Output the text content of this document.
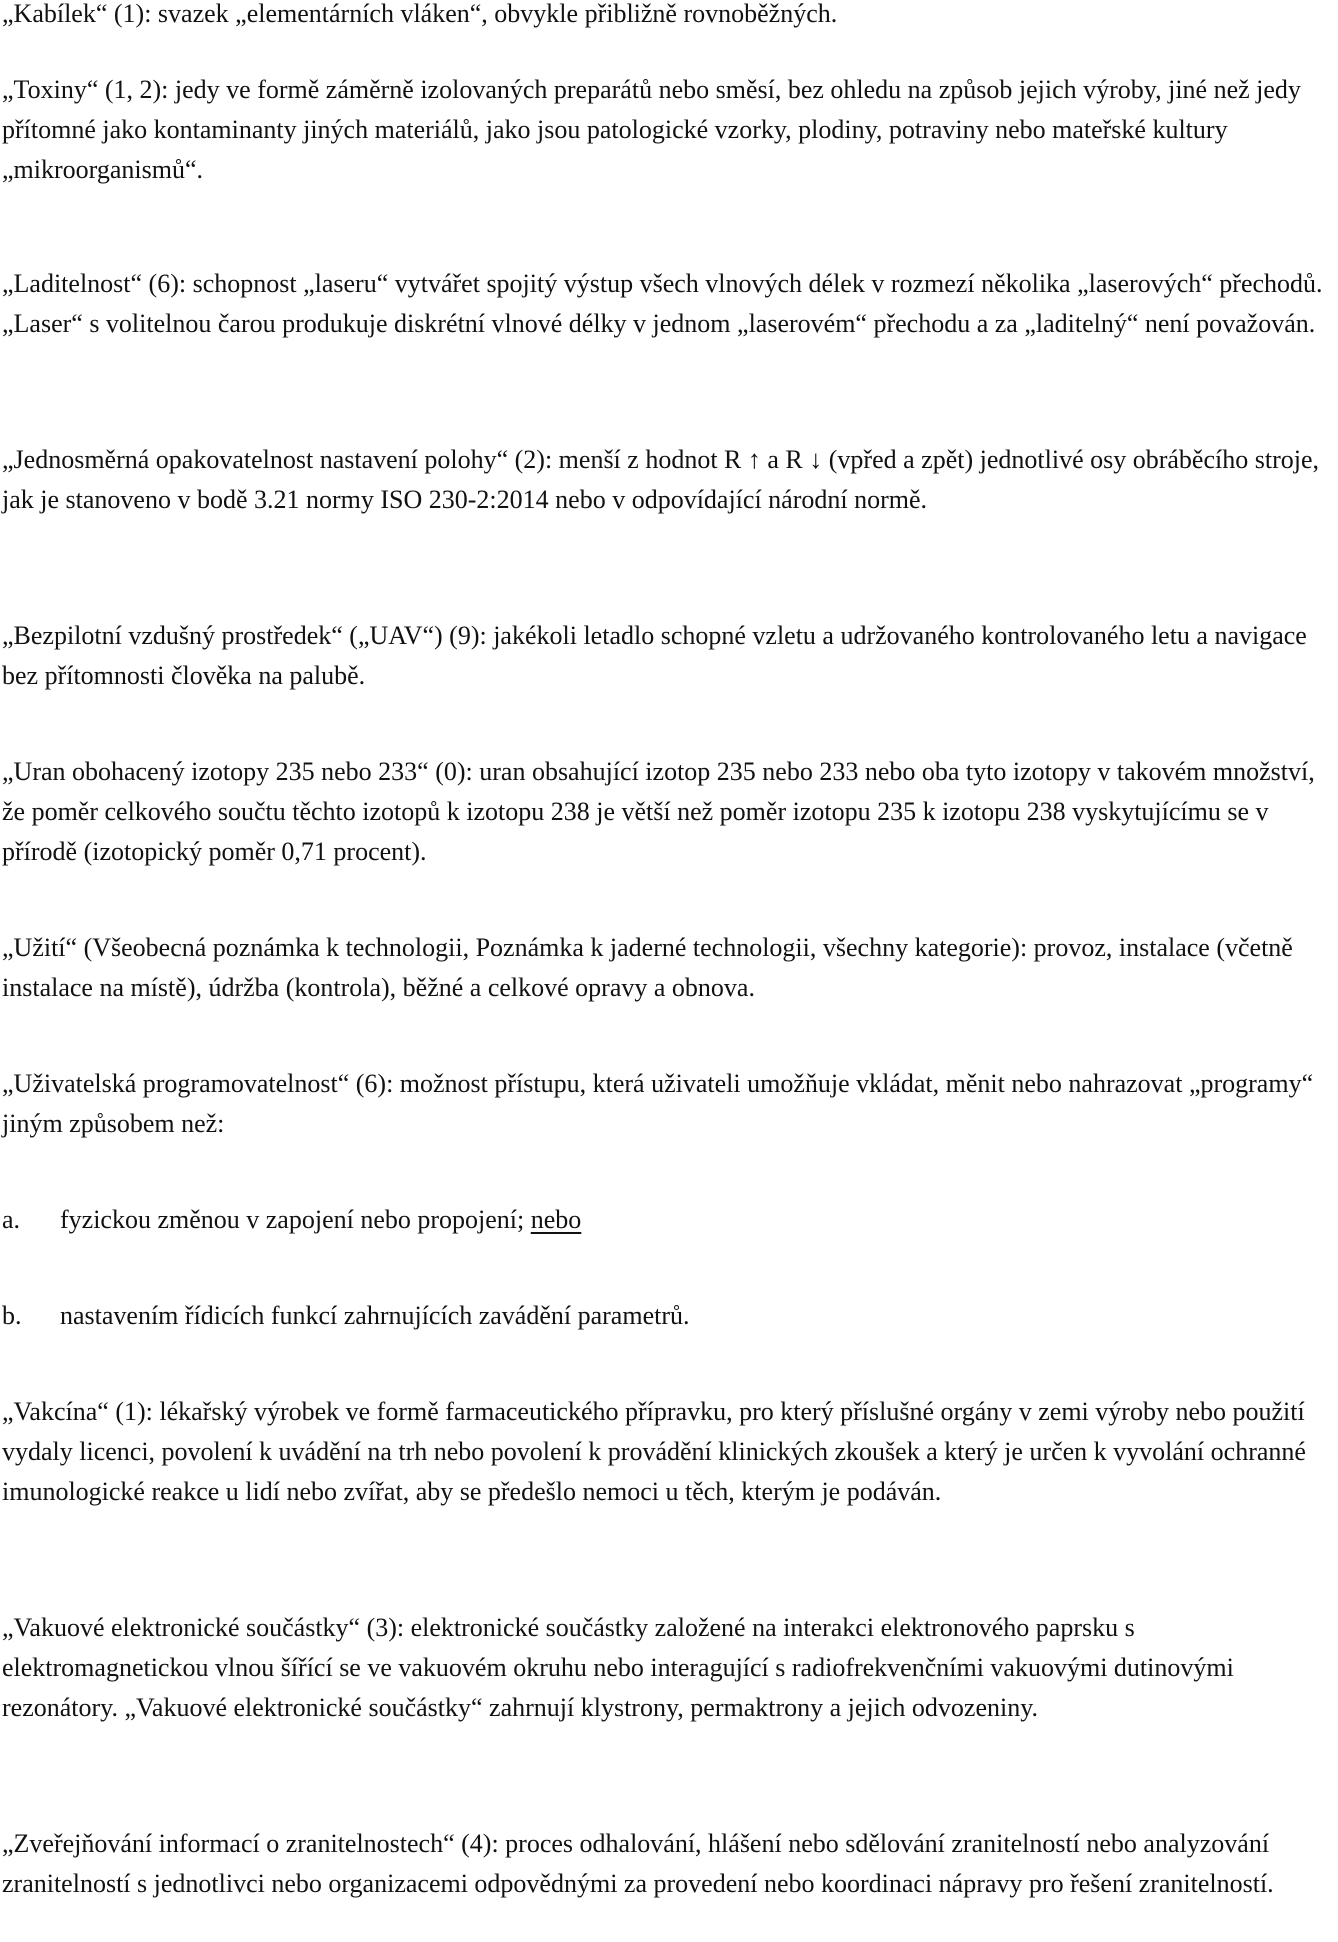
„Kabílek“ (1): svazek „elementárních vláken“, obvykle přibližně rovnoběžných.

„Toxiny“ (1, 2): jedy ve formě záměrně izolovaných preparátů nebo směsí, bez ohledu na způsob jejich výroby, jiné než jedy přítomné jako kontaminanty jiných materiálů, jako jsou patologické vzorky, plodiny, potraviny nebo mateřské kultury „mikroorganismů“.

„Laditelnost“ (6): schopnost „laseru“ vytvářet spojitý výstup všech vlnových délek v rozmezí několika „laserových“ přechodů. „Laser“ s volitelnou čarou produkuje diskrétní vlnové délky v jednom „laserovém“ přechodu a za „laditelný“ není považován.

„Jednosměrná opakovatelnost nastavení polohy“ (2): menší z hodnot R ↑ a R ↓ (vpřed a zpět) jednotlivé osy obráběcího stroje, jak je stanoveno v bodě 3.21 normy ISO 230-2:2014 nebo v odpovídající národní normě.

„Bezpilotní vzdušný prostředek“ („UAV“) (9): jakékoli letadlo schopné vzletu a udržovaného kontrolovaného letu a navigace bez přítomnosti člověka na palubě.

„Uran obohacený izotopy 235 nebo 233“ (0): uran obsahující izotop 235 nebo 233 nebo oba tyto izotopy v takovém množství, že poměr celkového součtu těchto izotopů k izotopu 238 je větší než poměr izotopu 235 k izotopu 238 vyskytujícímu se v přírodě (izotopický poměr 0,71 procent).

„Užití“ (Všeobecná poznámka k technologii, Poznámka k jaderné technologii, všechny kategorie): provoz, instalace (včetně instalace na místě), údržba (kontrola), běžné a celkové opravy a obnova.

„Uživatelská programovatelnost“ (6): možnost přístupu, která uživateli umožňuje vkládat, měnit nebo nahrazovat „programy“ jiným způsobem než:

a. fyzickou změnou v zapojení nebo propojení; nebo
b. nastavením řídicích funkcí zahrnujících zavádění parametrů.

„Vakcína“ (1): lékařský výrobek ve formě farmaceutického přípravku, pro který příslušné orgány v zemi výroby nebo použití vydaly licenci, povolení k uvádění na trh nebo povolení k provádění klinických zkoušek a který je určen k vyvolání ochranné imunologické reakce u lidí nebo zvířat, aby se předešlo nemoci u těch, kterým je podáván.

„Vakuové elektronické součástky“ (3): elektronické součástky založené na interakci elektronového paprsku s elektromagnetickou vlnou šířící se ve vakuovém okruhu nebo interagující s radiofrekvenčními vakuovými dutinovými rezonátory. „Vakuové elektronické součástky“ zahrnují klystrony, permaktrony a jejich odvozeniny.

„Zveřejňování informací o zranitelnostech“ (4): proces odhalování, hlášení nebo sdělování zranitelností nebo analyzování zranitelností s jednotlivci nebo organizacemi odpovědnými za provedení nebo koordinaci nápravy pro řešení zranitelností.
